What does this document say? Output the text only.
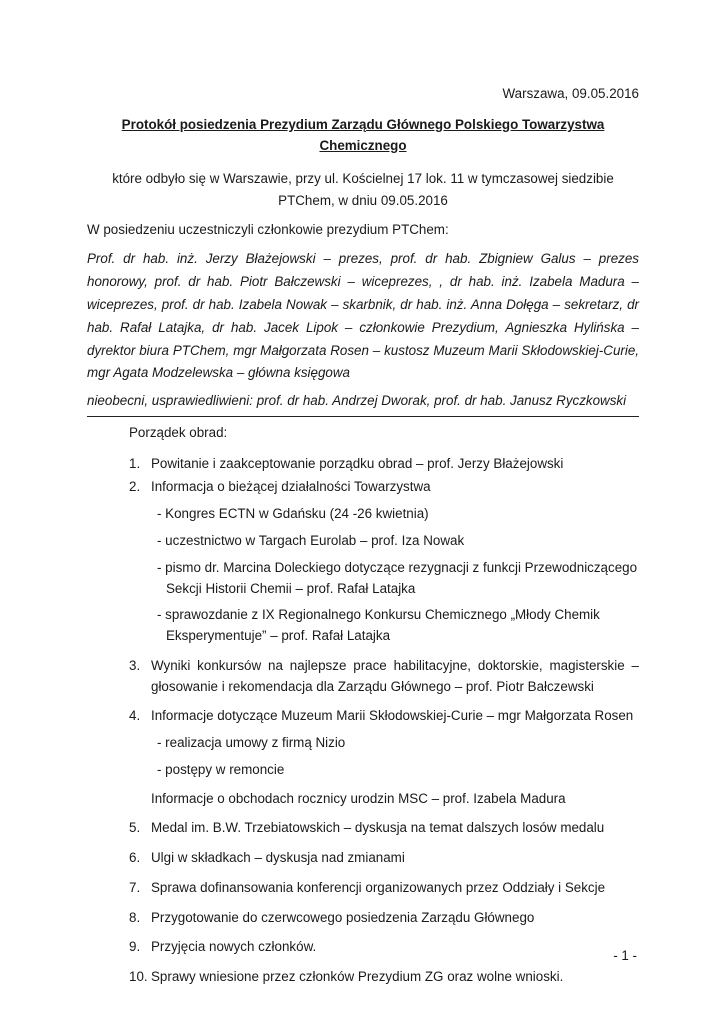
Warszawa, 09.05.2016

Protokół posiedzenia Prezydium Zarządu Głównego Polskiego Towarzystwa Chemicznego

które odbyło się w Warszawie, przy ul. Kościelnej 17 lok. 11 w tymczasowej siedzibie
PTChem, w dniu 09.05.2016

W posiedzeniu uczestniczyli członkowie prezydium PTChem:

Prof. dr hab. inż. Jerzy Błażejowski – prezes, prof. dr hab. Zbigniew Galus – prezes honorowy, prof. dr hab. Piotr Bałczewski – wiceprezes, , dr hab. inż. Izabela Madura – wiceprezes, prof. dr hab. Izabela Nowak – skarbnik, dr hab. inż. Anna Dołęga – sekretarz, dr hab. Rafał Latajka, dr hab. Jacek Lipok – członkowie Prezydium, Agnieszka Hylińska – dyrektor biura PTChem, mgr Małgorzata Rosen – kustosz Muzeum Marii Skłodowskiej-Curie, mgr Agata Modzelewska – główna księgowa

nieobecni, usprawiedliwieni: prof. dr hab. Andrzej Dworak, prof. dr hab. Janusz Ryczkowski

Porządek obrad:

1. Powitanie i zaakceptowanie porządku obrad – prof. Jerzy Błażejowski
2. Informacja o bieżącej działalności Towarzystwa
- Kongres ECTN w Gdańsku (24 -26 kwietnia)
- uczestnictwo w Targach Eurolab – prof. Iza Nowak
- pismo dr. Marcina Doleckiego dotyczące rezygnacji z funkcji Przewodniczącego Sekcji Historii Chemii – prof. Rafał Latajka
- sprawozdanie z IX Regionalnego Konkursu Chemicznego „Młody Chemik Eksperymentuje” – prof. Rafał Latajka
3. Wyniki konkursów na najlepsze prace habilitacyjne, doktorskie, magisterskie – głosowanie i rekomendacja dla Zarządu Głównego – prof. Piotr Bałczewski
4. Informacje dotyczące Muzeum Marii Skłodowskiej-Curie – mgr Małgorzata Rosen
- realizacja umowy z firmą Nizio
- postępy w remoncie
Informacje o obchodach rocznicy urodzin MSC – prof. Izabela Madura
5. Medal im. B.W. Trzebiatowskich – dyskusja na temat dalszych losów medalu
6. Ulgi w składkach – dyskusja nad zmianami
7. Sprawa dofinansowania konferencji organizowanych przez Oddziały i Sekcje
8. Przygotowanie do czerwcowego posiedzenia Zarządu Głównego
9. Przyjęcia nowych członków.
10. Sprawy wniesione przez członków Prezydium ZG oraz wolne wnioski.
- 1 -
